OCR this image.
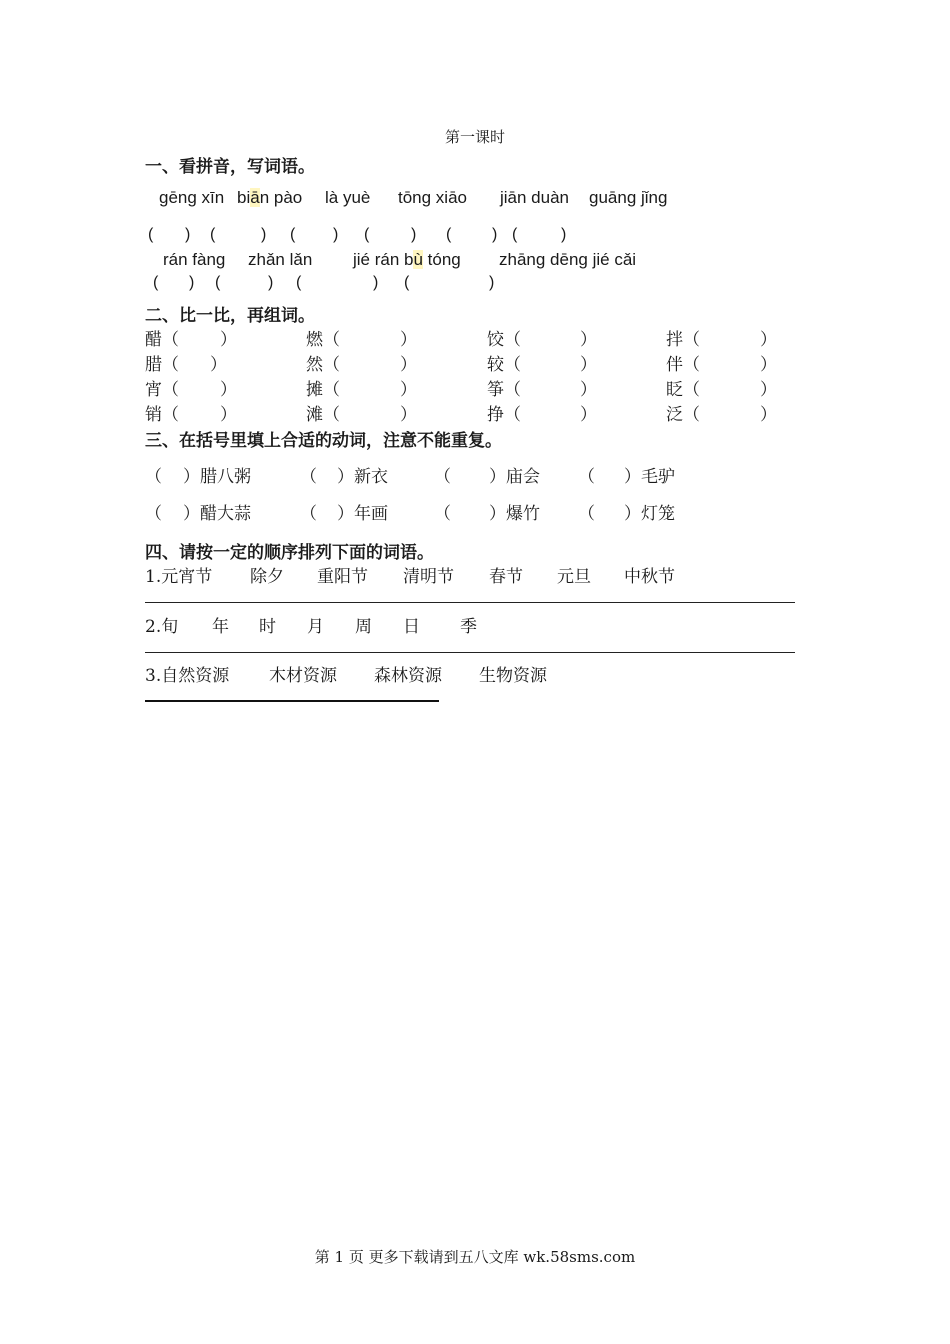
第一课时
一、看拼音，写词语。
gēng xīn biān pào là yuè tōng xiāo jiān duàn guāng jǐng
( ) (	) ( ) (	) (	) (	)
rán fàng zhǎn lǎn jié rán bù tóng zhāng dēng jié cǎi
( ) (	) (	) (	)
二、比一比，再组词。
醋（ ）	燃（	）	饺（	）	拌（	）
腊（ ）	然（	）	较（	）	伴（	）
宵（ ）	摊（	）	筝（	）	眨（	）
销（ ）	滩（	）	挣（	）	泛（	）
三、在括号里填上合适的动词，注意不能重复。
（ ）腊八粥	（ ）新衣	（ ）庙会 （ ）毛驴
（ ）醋大蒜	（ ）年画	（ ）爆竹 （ ）灯笼
四、请按一定的顺序排列下面的词语。
1.元宵节 除夕 重阳节 清明节 春节 元旦 中秋节
2.旬 年 时 月 周 日 季
3.自然资源 木材资源 森林资源 生物资源
第 1 页 更多下载请到五八文库 wk.58sms.com
